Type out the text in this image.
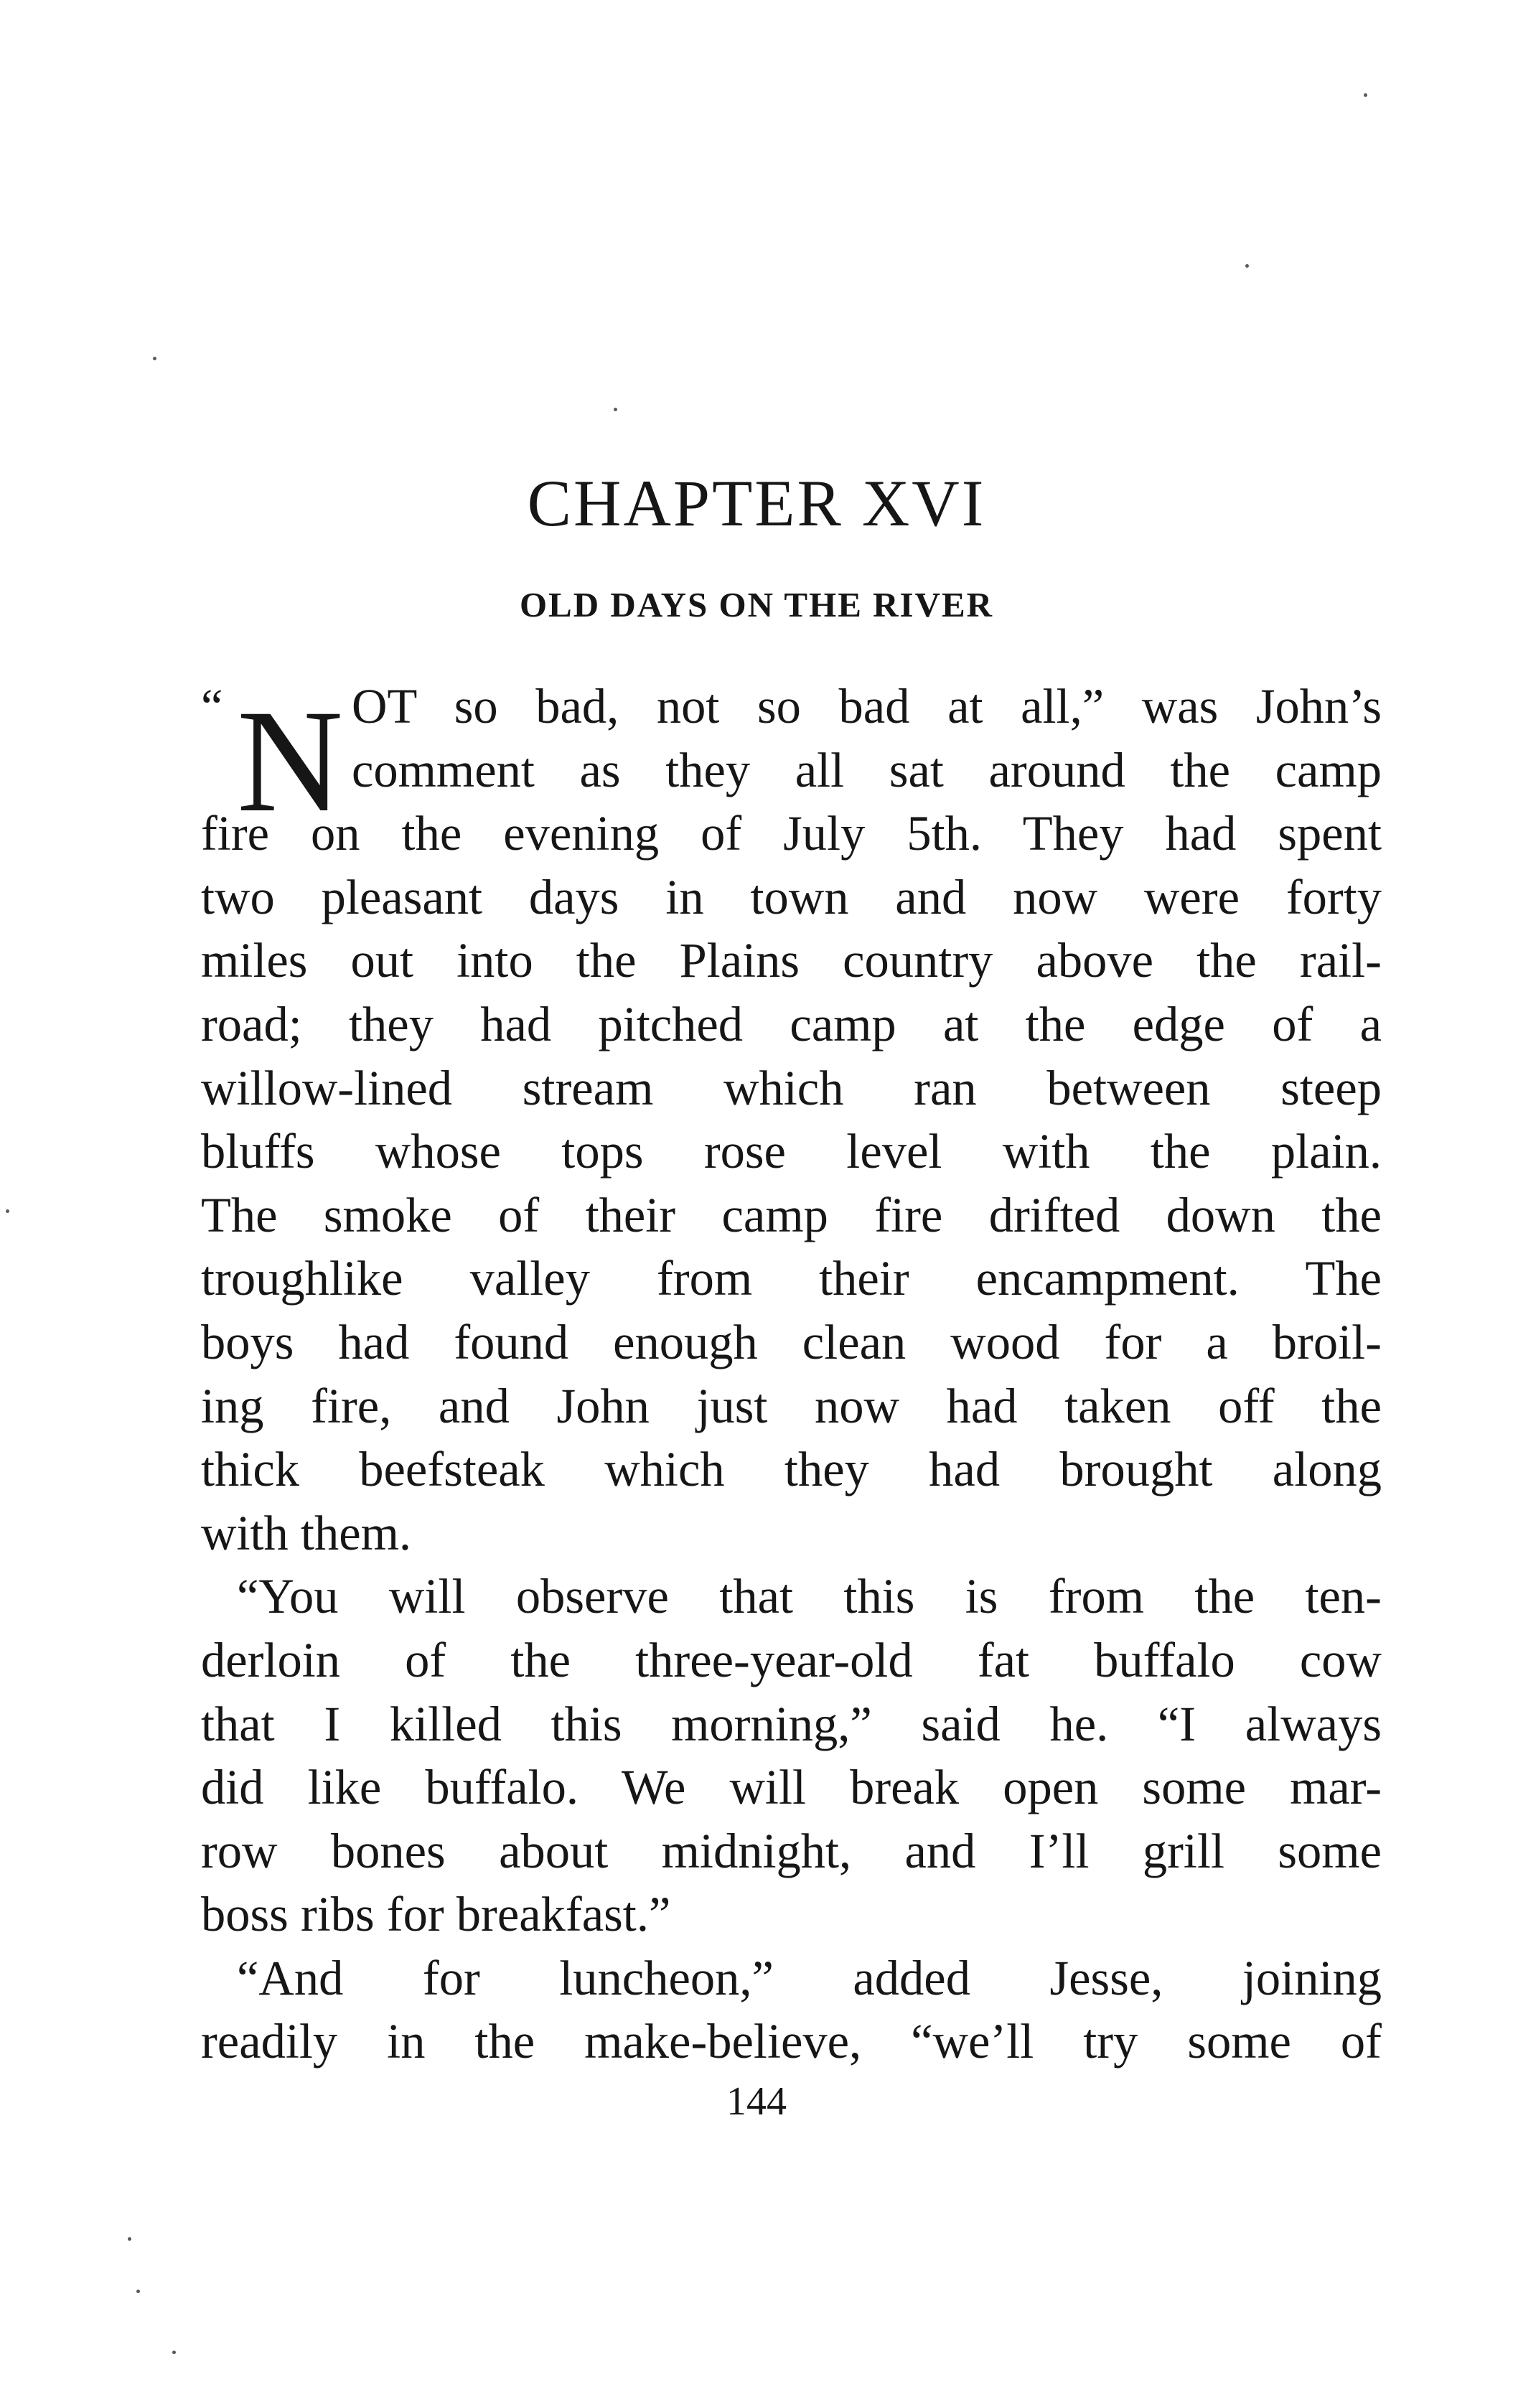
CHAPTER XVI
OLD DAYS ON THE RIVER
“ N OT so bad, not so bad at all,” was John’s
comment as they all sat around the camp
fire on the evening of July 5th. They had spent
two pleasant days in town and now were forty
miles out into the Plains country above the rail-
road; they had pitched camp at the edge of a
willow-lined stream which ran between steep
bluffs whose tops rose level with the plain.
The smoke of their camp fire drifted down the
troughlike valley from their encampment. The
boys had found enough clean wood for a broil-
ing fire, and John just now had taken off the
thick beefsteak which they had brought along
with them.
“You will observe that this is from the ten-
derloin of the three-year-old fat buffalo cow
that I killed this morning,” said he. “I always
did like buffalo. We will break open some mar-
row bones about midnight, and I’ll grill some
boss ribs for breakfast.”
“And for luncheon,” added Jesse, joining
readily in the make-believe, “we’ll try some of
144
